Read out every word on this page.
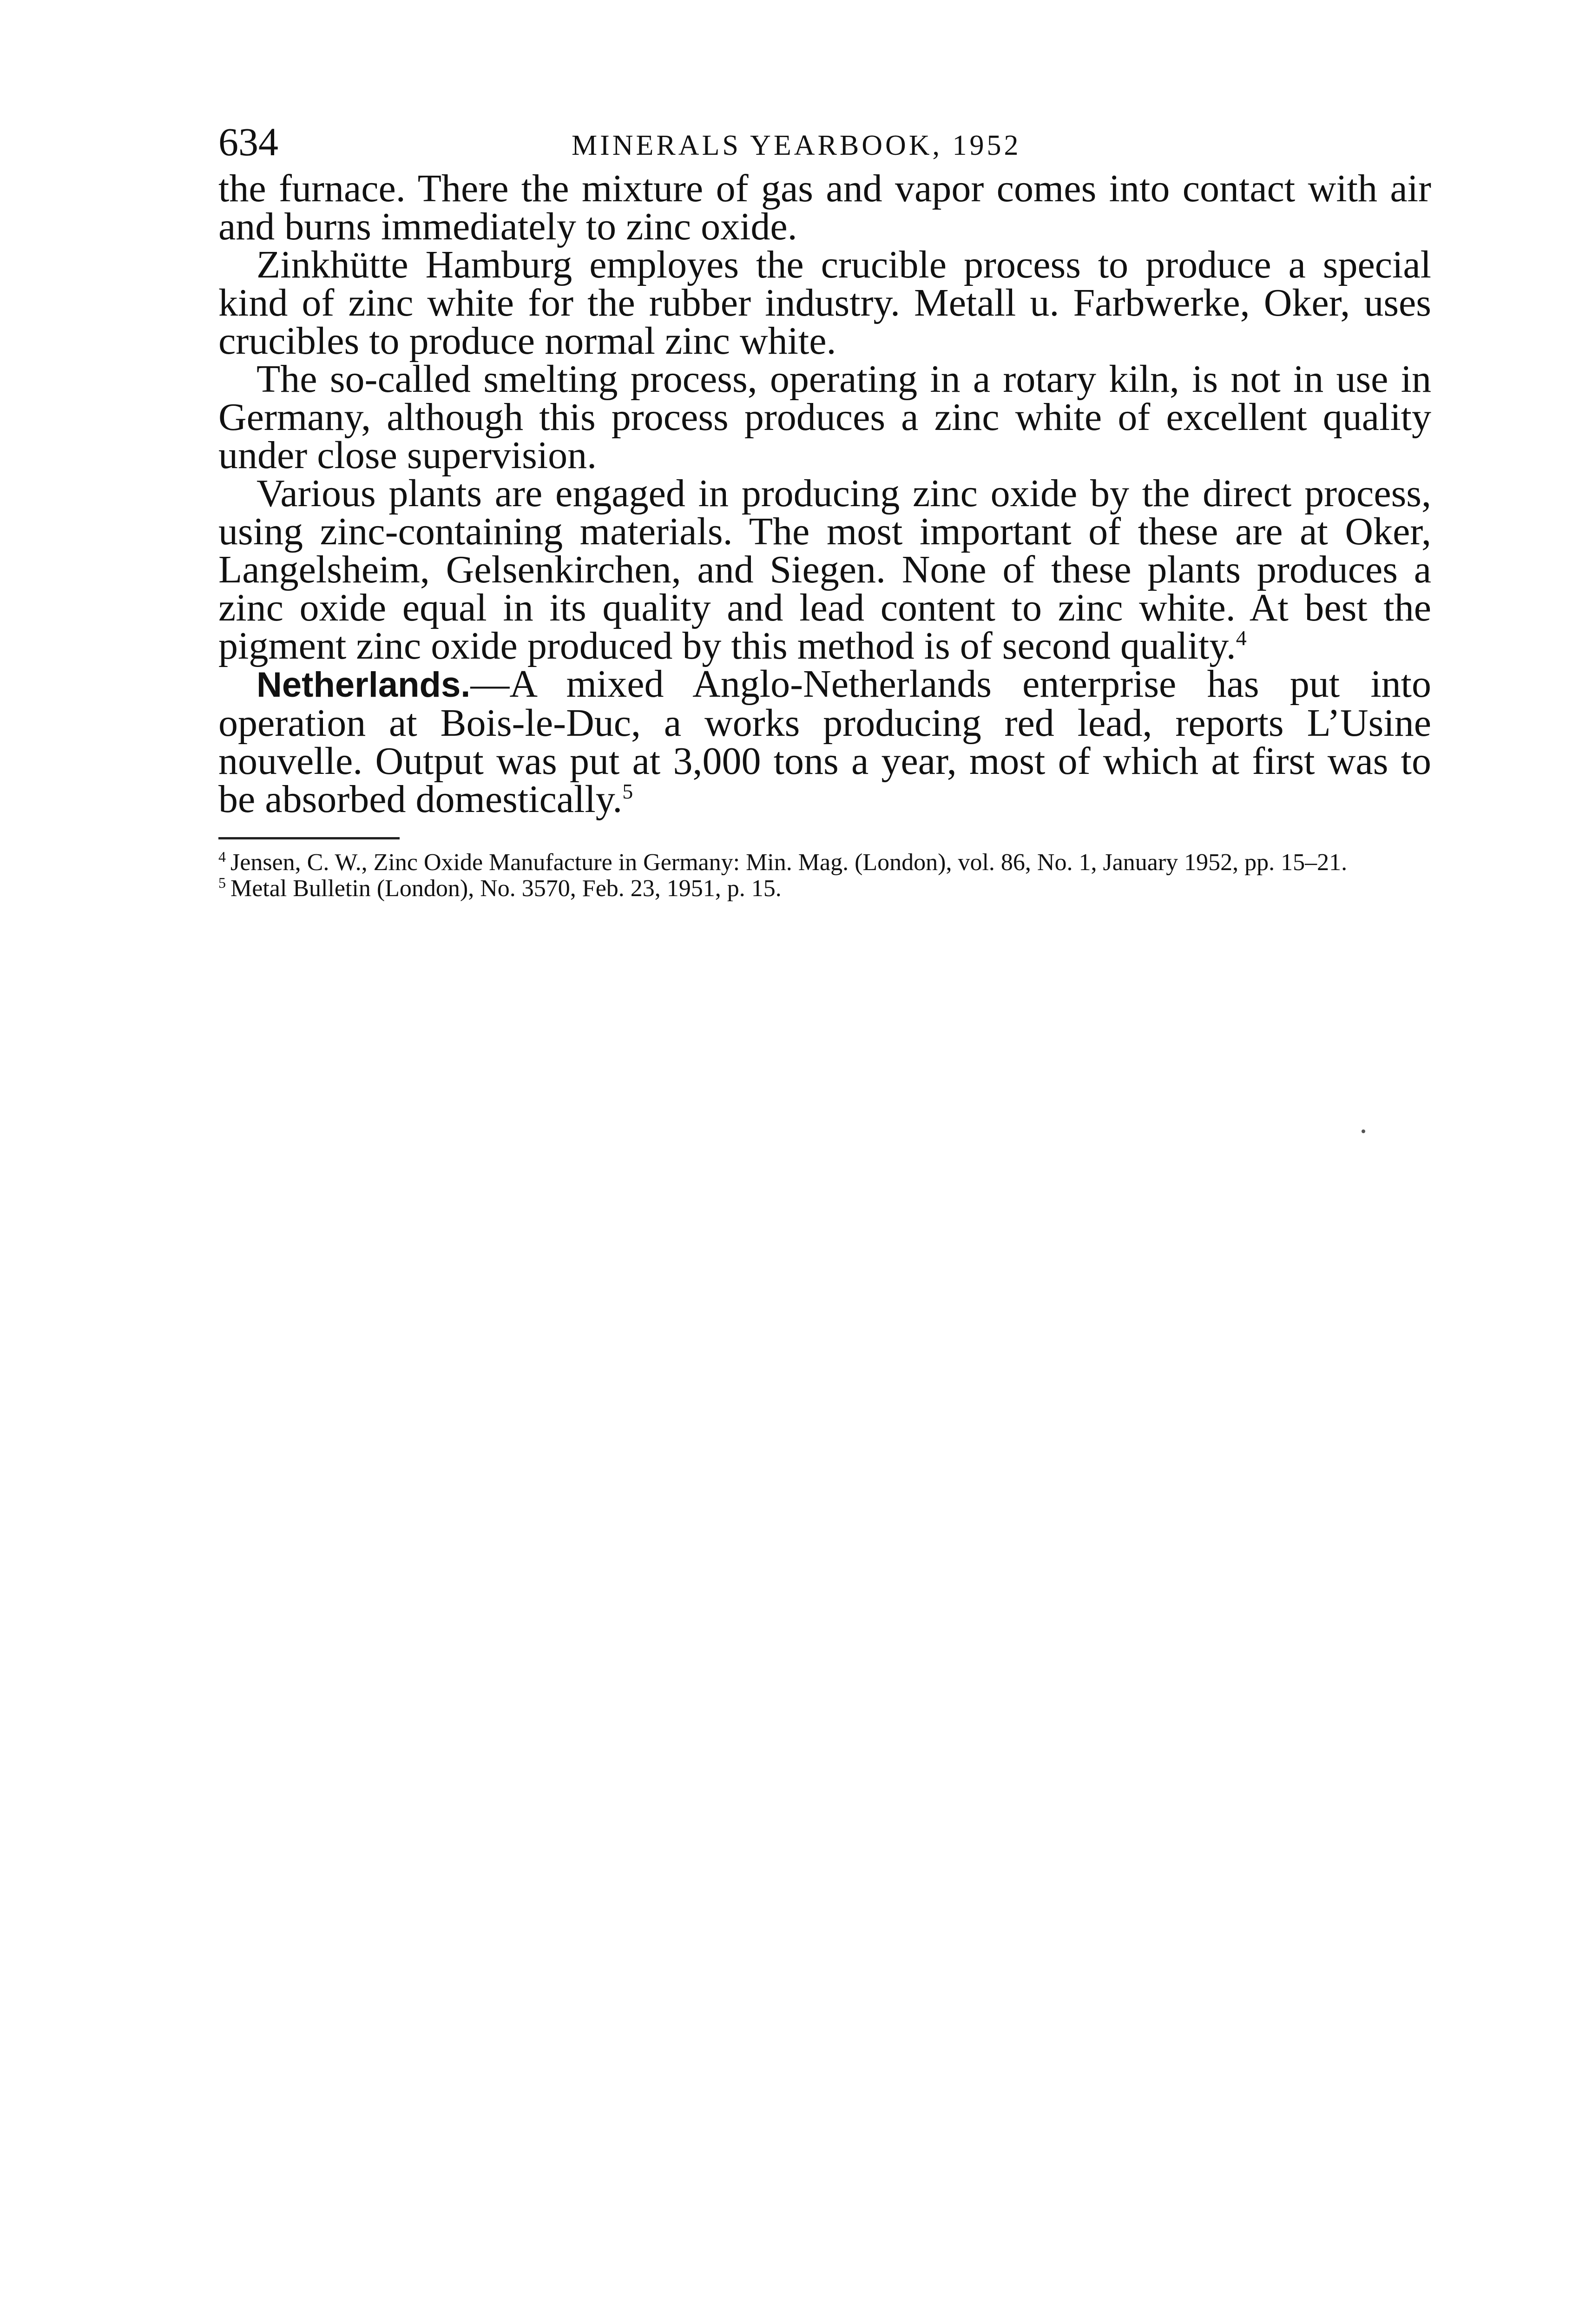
634	MINERALS YEARBOOK, 1952

the furnace. There the mixture of gas and vapor comes into contact with air and burns immediately to zinc oxide.

Zinkhütte Hamburg employes the crucible process to produce a special kind of zinc white for the rubber industry. Metall u. Farbwerke, Oker, uses crucibles to produce normal zinc white.

The so-called smelting process, operating in a rotary kiln, is not in use in Germany, although this process produces a zinc white of excellent quality under close supervision.

Various plants are engaged in producing zinc oxide by the direct process, using zinc-containing materials. The most important of these are at Oker, Langelsheim, Gelsenkirchen, and Siegen. None of these plants produces a zinc oxide equal in its quality and lead content to zinc white. At best the pigment zinc oxide produced by this method is of second quality.$^4$

Netherlands.—A mixed Anglo-Netherlands enterprise has put into operation at Bois-le-Duc, a works producing red lead, reports L’Usine nouvelle. Output was put at 3,000 tons a year, most of which at first was to be absorbed domestically.$^5$

$^4$ Jensen, C. W., Zinc Oxide Manufacture in Germany: Min. Mag. (London), vol. 86, No. 1, January 1952, pp. 15–21.

$^5$ Metal Bulletin (London), No. 3570, Feb. 23, 1951, p. 15.
